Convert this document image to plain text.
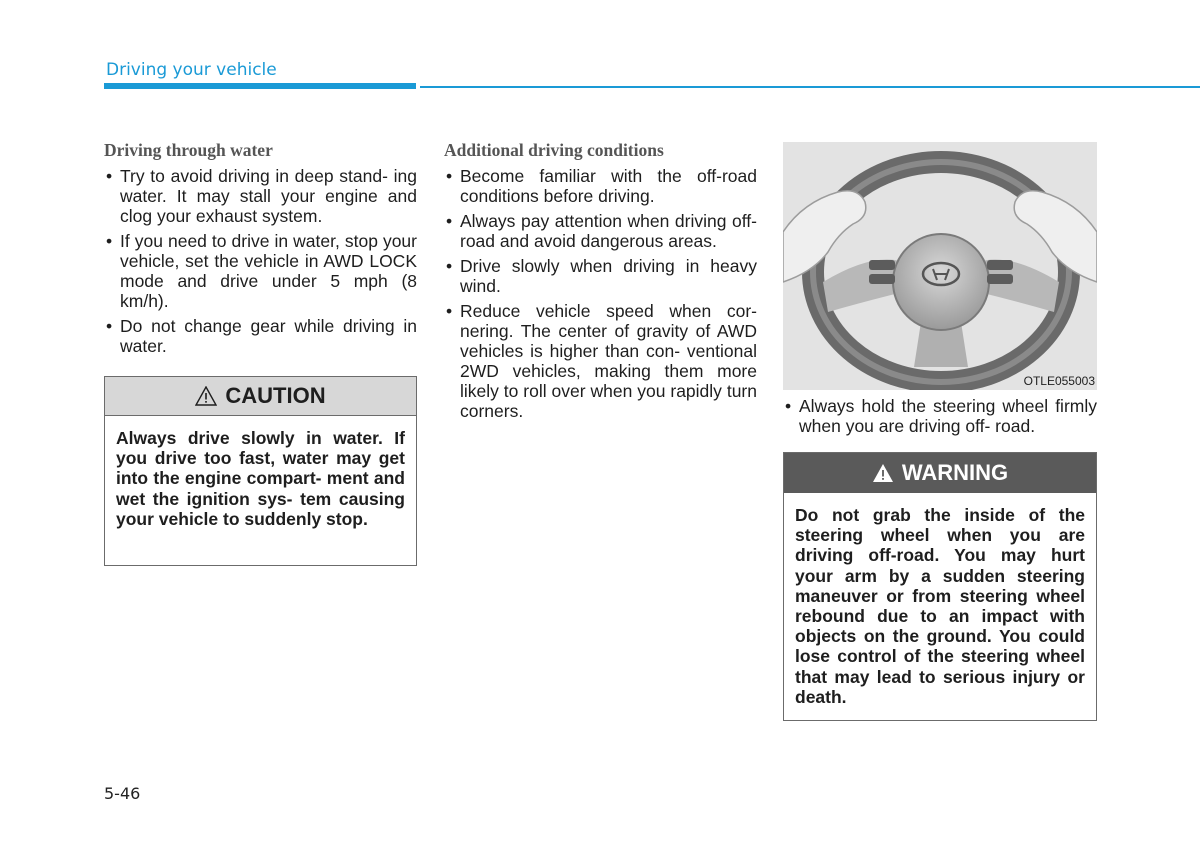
Driving your vehicle
Driving through water
• Try to avoid driving in deep stand- ing water. It may stall your engine and clog your exhaust system.
• If you need to drive in water, stop your vehicle, set the vehicle in AWD LOCK mode and drive under 5 mph (8 km/h).
• Do not change gear while driving in water.
CAUTION
Always drive slowly in water. If you drive too fast, water may get into the engine compart- ment and wet the ignition sys- tem causing your vehicle to suddenly stop.
Additional driving conditions
• Become familiar with the off-road conditions before driving.
• Always pay attention when driving off-road and avoid dangerous areas.
• Drive slowly when driving in heavy wind.
• Reduce vehicle speed when cor- nering. The center of gravity of AWD vehicles is higher than con- ventional 2WD vehicles, making them more likely to roll over when you rapidly turn corners.
OTLE055003
• Always hold the steering wheel firmly when you are driving off- road.
WARNING
Do not grab the inside of the steering wheel when you are driving off-road. You may hurt your arm by a sudden steering maneuver or from steering wheel rebound due to an impact with objects on the ground. You could lose control of the steering wheel that may lead to serious injury or death.
5-46
